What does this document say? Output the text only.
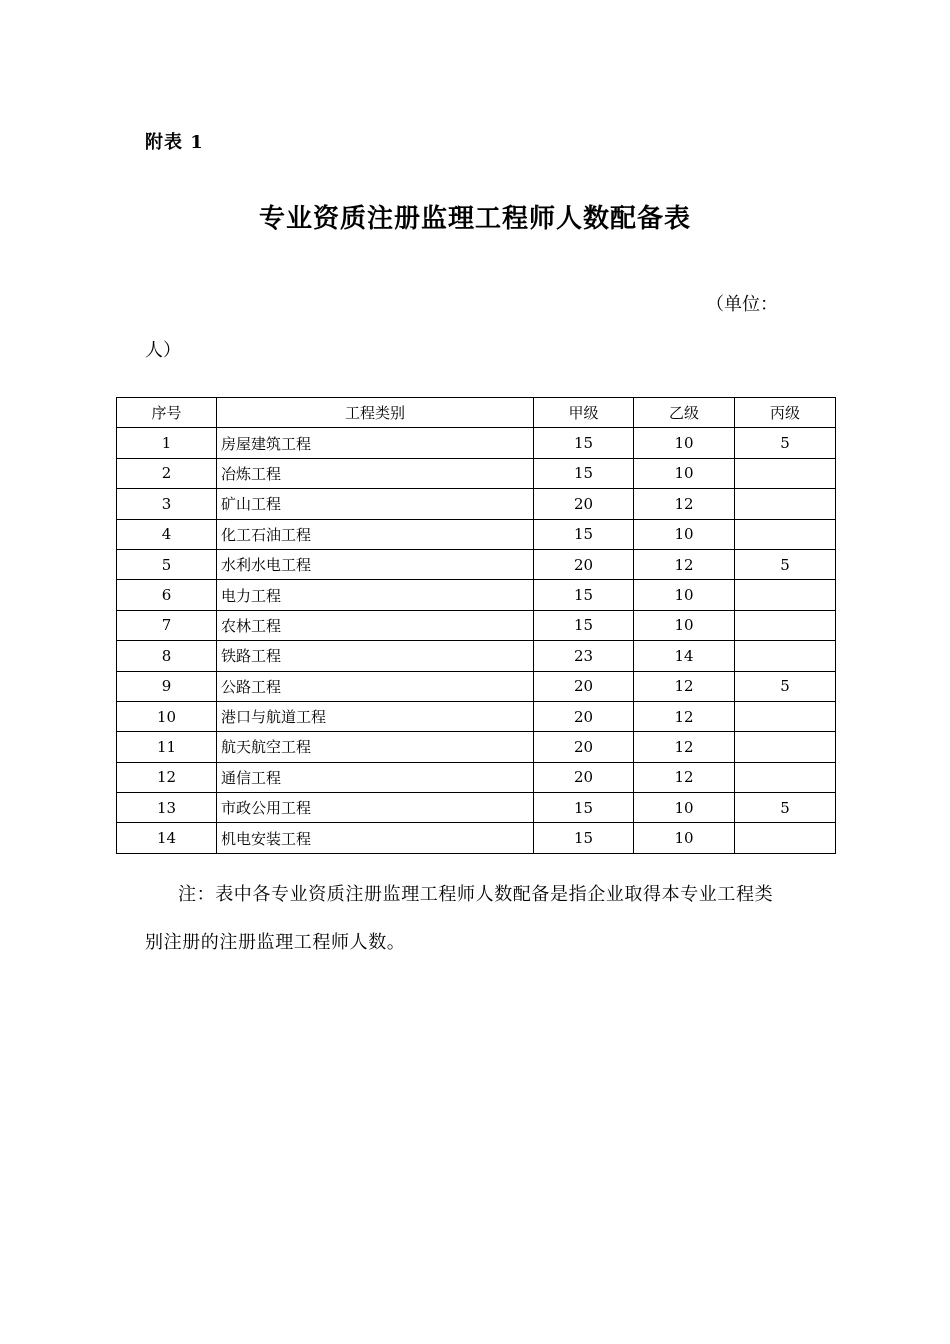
附表 1
专业资质注册监理工程师人数配备表
（单位：
人）
序号	工程类别	甲级	乙级	丙级
1	房屋建筑工程	15	10	5
2	冶炼工程	15	10	
3	矿山工程	20	12	
4	化工石油工程	15	10	
5	水利水电工程	20	12	5
6	电力工程	15	10	
7	农林工程	15	10	
8	铁路工程	23	14	
9	公路工程	20	12	5
10	港口与航道工程	20	12	
11	航天航空工程	20	12	
12	通信工程	20	12	
13	市政公用工程	15	10	5
14	机电安装工程	15	10	
注：表中各专业资质注册监理工程师人数配备是指企业取得本专业工程类
别注册的注册监理工程师人数。
